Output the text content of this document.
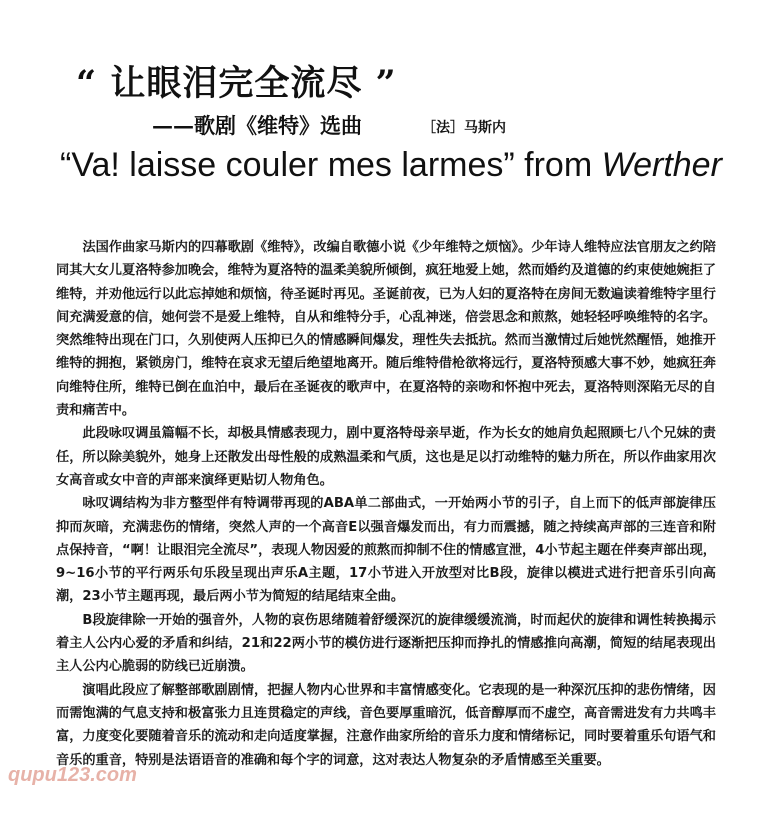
“ 让眼泪完全流尽 ”
——歌剧《维特》选曲	［法］马斯内
“Va! laisse couler mes larmes” from Werther

法国作曲家马斯内的四幕歌剧《维特》，改编自歌德小说《少年维特之烦恼》。少年诗人维特应法官朋友之约陪同其大女儿夏洛特参加晚会，维特为夏洛特的温柔美貌所倾倒，疯狂地爱上她，然而婚约及道德的约束使她婉拒了维特，并劝他远行以此忘掉她和烦恼，待圣诞时再见。圣诞前夜，已为人妇的夏洛特在房间无数遍读着维特字里行间充满爱意的信，她何尝不是爱上维特，自从和维特分手，心乱神迷，倍尝思念和煎熬，她轻轻呼唤维特的名字。突然维特出现在门口，久别使两人压抑已久的情感瞬间爆发，理性失去抵抗。然而当激情过后她恍然醒悟，她推开维特的拥抱，紧锁房门，维特在哀求无望后绝望地离开。随后维特借枪欲将远行，夏洛特预感大事不妙，她疯狂奔向维特住所，维特已倒在血泊中，最后在圣诞夜的歌声中，在夏洛特的亲吻和怀抱中死去，夏洛特则深陷无尽的自责和痛苦中。

此段咏叹调虽篇幅不长，却极具情感表现力，剧中夏洛特母亲早逝，作为长女的她肩负起照顾七八个兄妹的责任，所以除美貌外，她身上还散发出母性般的成熟温柔和气质，这也是足以打动维特的魅力所在，所以作曲家用次女高音或女中音的声部来演绎更贴切人物角色。

咏叹调结构为非方整型伴有特调带再现的ABA单二部曲式，一开始两小节的引子，自上而下的低声部旋律压抑而灰暗，充满悲伤的情绪，突然人声的一个高音E以强音爆发而出，有力而震撼，随之持续高声部的三连音和附点保持音，“啊！让眼泪完全流尽”，表现人物因爱的煎熬而抑制不住的情感宣泄，4小节起主题在伴奏声部出现，9~16小节的平行两乐句乐段呈现出声乐A主题，17小节进入开放型对比B段，旋律以模进式进行把音乐引向高潮，23小节主题再现，最后两小节为简短的结尾结束全曲。

B段旋律除一开始的强音外，人物的哀伤思绪随着舒缓深沉的旋律缓缓流淌，时而起伏的旋律和调性转换揭示着主人公内心爱的矛盾和纠结，21和22两小节的模仿进行逐渐把压抑而挣扎的情感推向高潮，简短的结尾表现出主人公内心脆弱的防线已近崩溃。

演唱此段应了解整部歌剧剧情，把握人物内心世界和丰富情感变化。它表现的是一种深沉压抑的悲伤情绪，因而需饱满的气息支持和极富张力且连贯稳定的声线，音色要厚重暗沉，低音醇厚而不虚空，高音需进发有力共鸣丰富，力度变化要随着音乐的流动和走向适度掌握，注意作曲家所给的音乐力度和情绪标记，同时要着重乐句语气和音乐的重音，特别是法语语音的准确和每个字的词意，这对表达人物复杂的矛盾情感至关重要。

qupu123.com
